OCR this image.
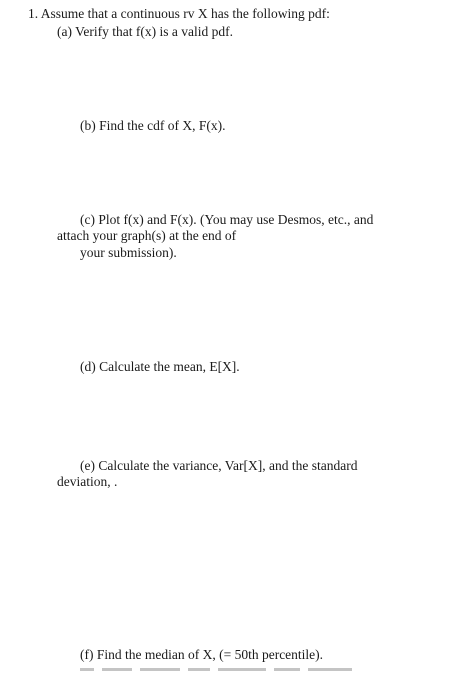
1. Assume that a continuous rv X has the following pdf:

(a) Verify that f(x) is a valid pdf.

(b) Find the cdf of X, F(x).

(c) Plot f(x) and F(x). (You may use Desmos, etc., and

attach your graph(s) at the end of

your submission).

(d) Calculate the mean, E[X].

(e) Calculate the variance, Var[X], and the standard

deviation, .

(f) Find the median of X, (= 50th percentile).
